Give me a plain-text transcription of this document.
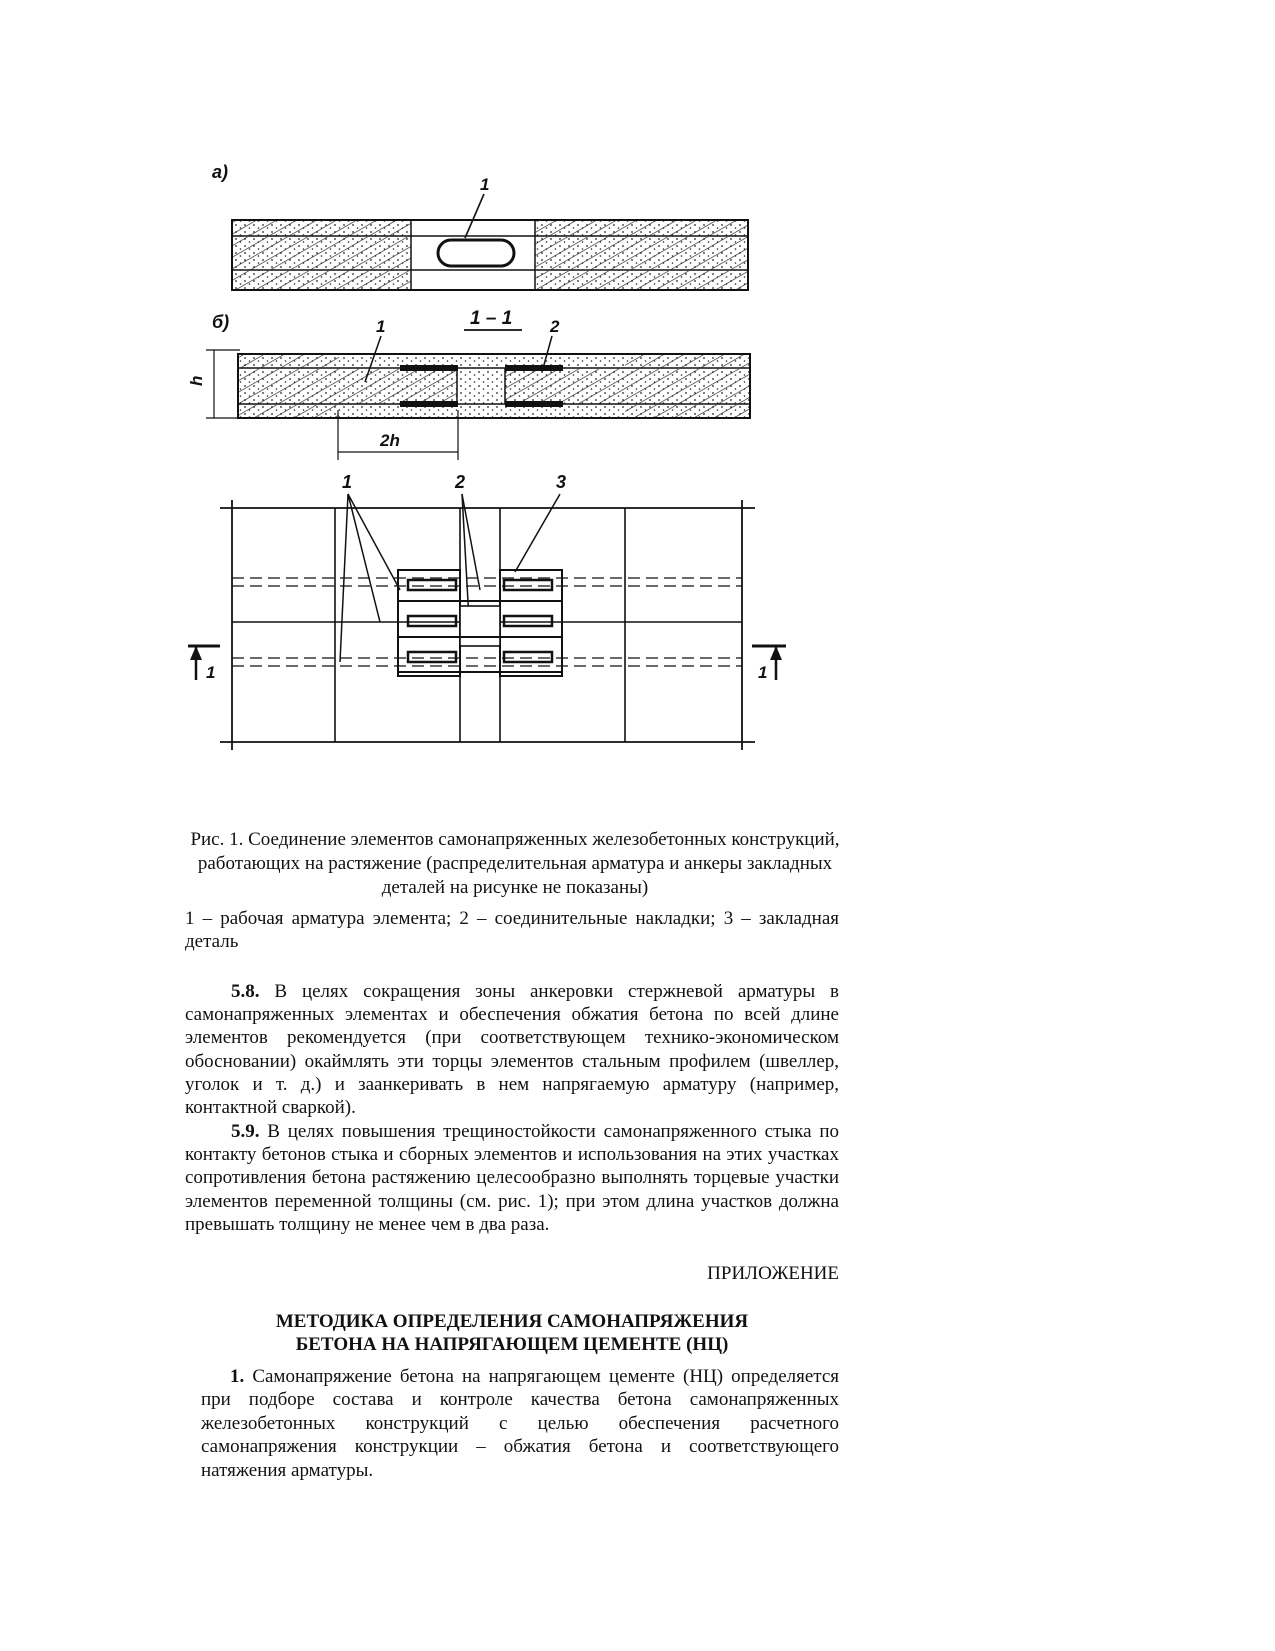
а)
1
б)	1 – 1
1	2
h
2h
1	2	3
1	1
Рис. 1. Соединение элементов самонапряженных железобетонных конструкций, работающих на растяжение (распределительная арматура и анкеры закладных деталей на рисунке не показаны)
1 – рабочая арматура элемента; 2 – соединительные накладки; 3 – закладная деталь

5.8. В целях сокращения зоны анкеровки стержневой арматуры в самонапряженных элементах и обеспечения обжатия бетона по всей длине элементов рекомендуется (при соответствующем технико-экономическом обосновании) окаймлять эти торцы элементов стальным профилем (швеллер, уголок и т. д.) и заанкеривать в нем напрягаемую арматуру (например, контактной сваркой).

5.9. В целях повышения трещиностойкости самонапряженного стыка по контакту бетонов стыка и сборных элементов и использования на этих участках сопротивления бетона растяжению целесообразно выполнять торцевые участки элементов переменной толщины (см. рис. 1); при этом длина участков должна превышать толщину не менее чем в два раза.

ПРИЛОЖЕНИЕ
МЕТОДИКА ОПРЕДЕЛЕНИЯ САМОНАПРЯЖЕНИЯ
БЕТОНА НА НАПРЯГАЮЩЕМ ЦЕМЕНТЕ (НЦ)

1. Самонапряжение бетона на напрягающем цементе (НЦ) определяется при подборе состава и контроле качества бетона самонапряженных железобетонных конструкций с целью обеспечения расчетного самонапряжения конструкции – обжатия бетона и соответствующего натяжения арматуры.
